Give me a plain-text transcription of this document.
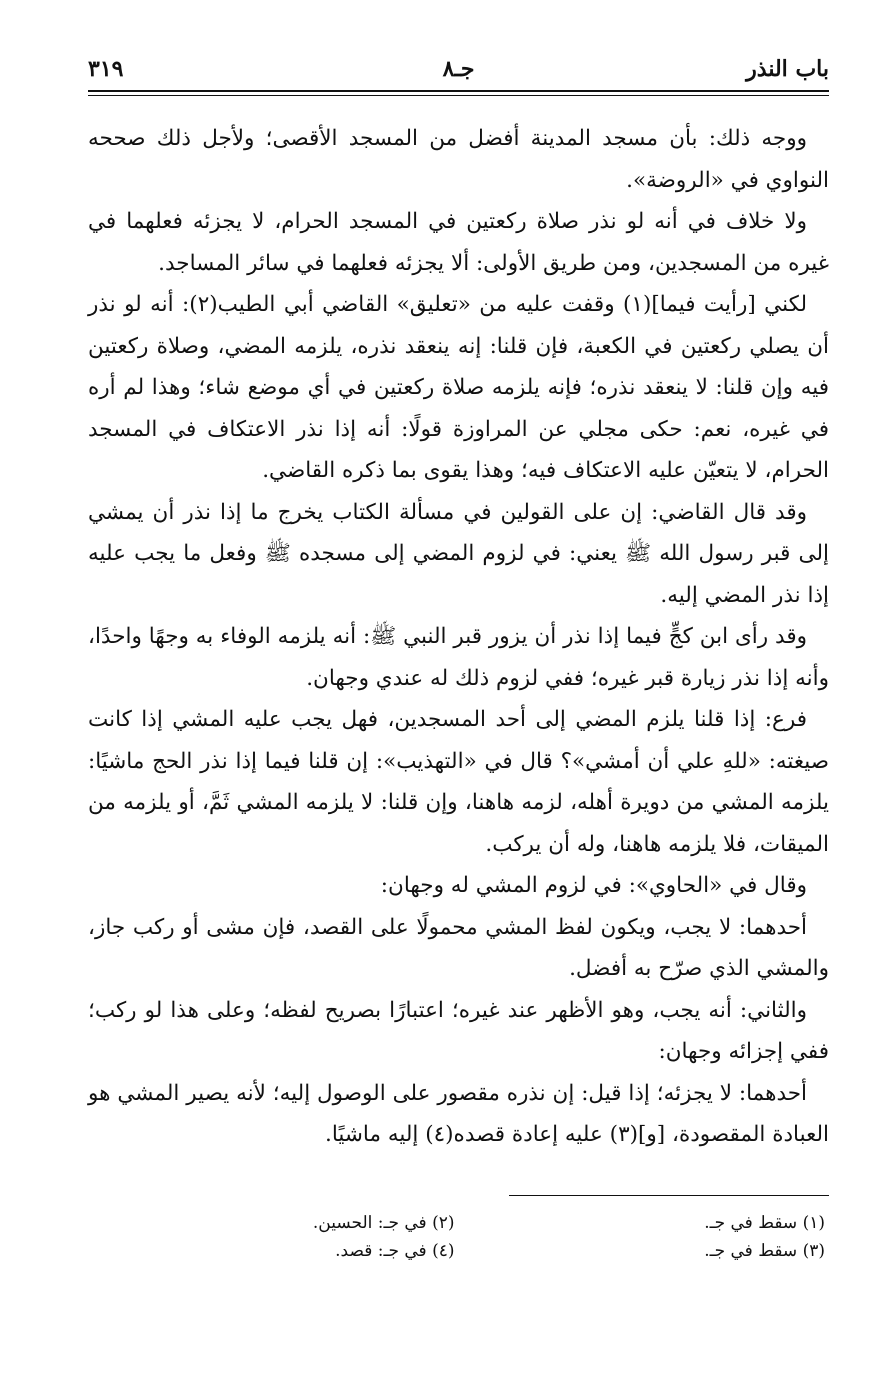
باب النذر
جـ٨
٣١٩

ووجه ذلك: بأن مسجد المدينة أفضل من المسجد الأقصى؛ ولأجل ذلك صححه النواوي في «الروضة».

ولا خلاف في أنه لو نذر صلاة ركعتين في المسجد الحرام، لا يجزئه فعلهما في غيره من المسجدين، ومن طريق الأولى: ألا يجزئه فعلهما في سائر المساجد.

لكني [رأيت فيما](١) وقفت عليه من «تعليق» القاضي أبي الطيب(٢): أنه لو نذر أن يصلي ركعتين في الكعبة، فإن قلنا: إنه ينعقد نذره، يلزمه المضي، وصلاة ركعتين فيه وإن قلنا: لا ينعقد نذره؛ فإنه يلزمه صلاة ركعتين في أي موضع شاء؛ وهذا لم أره في غيره، نعم: حكى مجلي عن المراوزة قولًا: أنه إذا نذر الاعتكاف في المسجد الحرام، لا يتعيّن عليه الاعتكاف فيه؛ وهذا يقوى بما ذكره القاضي.

وقد قال القاضي: إن على القولين في مسألة الكتاب يخرج ما إذا نذر أن يمشي إلى قبر رسول الله ﷺ يعني: في لزوم المضي إلى مسجده ﷺ وفعل ما يجب عليه إذا نذر المضي إليه.

وقد رأى ابن كجٍّ فيما إذا نذر أن يزور قبر النبي ﷺ: أنه يلزمه الوفاء به وجهًا واحدًا، وأنه إذا نذر زيارة قبر غيره؛ ففي لزوم ذلك له عندي وجهان.

فرع: إذا قلنا يلزم المضي إلى أحد المسجدين، فهل يجب عليه المشي إذا كانت صيغته: «للهِ علي أن أمشي»؟ قال في «التهذيب»: إن قلنا فيما إذا نذر الحج ماشيًا: يلزمه المشي من دويرة أهله، لزمه هاهنا، وإن قلنا: لا يلزمه المشي ثَمَّ، أو يلزمه من الميقات، فلا يلزمه هاهنا، وله أن يركب.

وقال في «الحاوي»: في لزوم المشي له وجهان:

أحدهما: لا يجب، ويكون لفظ المشي محمولًا على القصد، فإن مشى أو ركب جاز، والمشي الذي صرّح به أفضل.

والثاني: أنه يجب، وهو الأظهر عند غيره؛ اعتبارًا بصريح لفظه؛ وعلى هذا لو ركب؛ ففي إجزائه وجهان:

أحدهما: لا يجزئه؛ إذا قيل: إن نذره مقصور على الوصول إليه؛ لأنه يصير المشي هو العبادة المقصودة، [و](٣) عليه إعادة قصده(٤) إليه ماشيًا.

(١) سقط في جـ.
(٢) في جـ: الحسين.
(٣) سقط في جـ.
(٤) في جـ: قصد.
